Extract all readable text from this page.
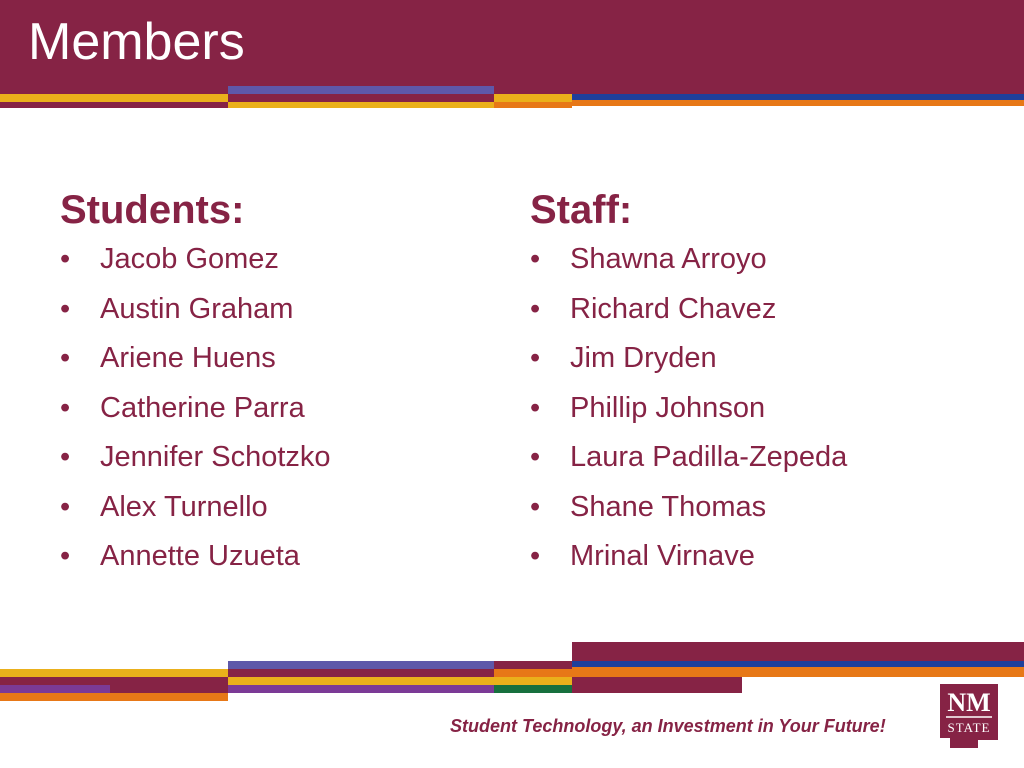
Members
Students:
• Jacob Gomez
• Austin Graham
• Ariene Huens
• Catherine Parra
• Jennifer Schotzko
• Alex Turnello
• Annette Uzueta
Staff:
• Shawna Arroyo
• Richard Chavez
• Jim Dryden
• Phillip Johnson
• Laura Padilla-Zepeda
• Shane Thomas
• Mrinal Virnave
Student Technology, an Investment in Your Future!
NM
STATE
